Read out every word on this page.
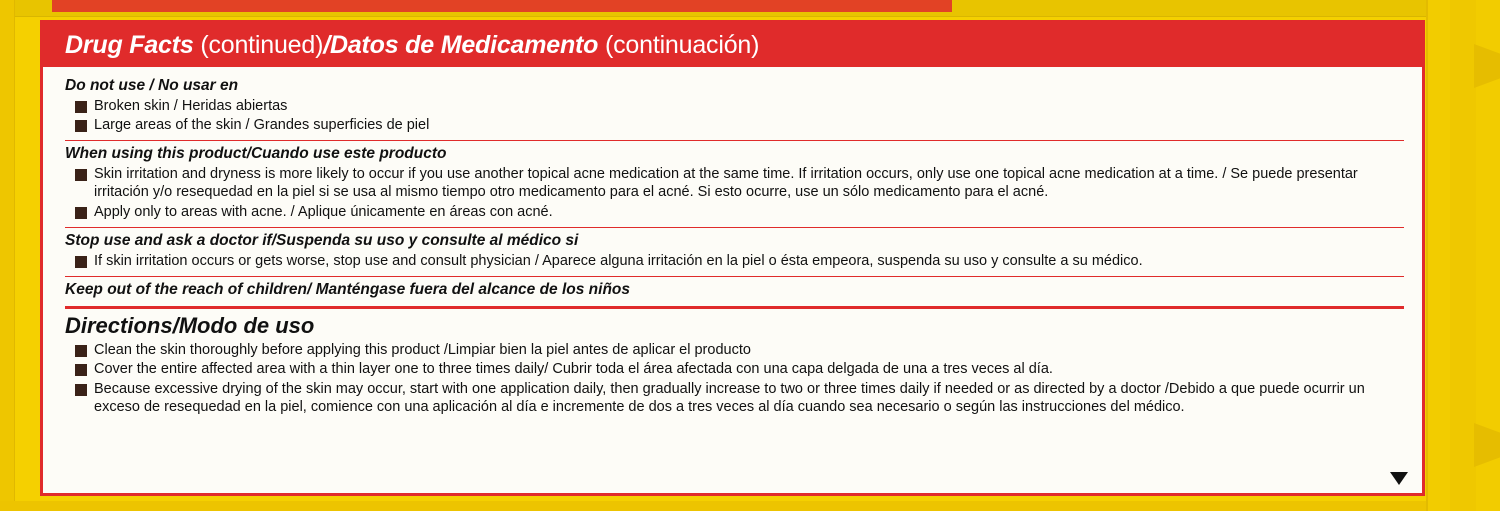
Drug Facts (continued)/Datos de Medicamento (continuación)
Do not use / No usar en
Broken skin / Heridas abiertas
Large areas of the skin / Grandes superficies de piel
When using this product/Cuando use este producto
Skin irritation and dryness is more likely to occur if you use another topical acne medication at the same time. If irritation occurs, only use one topical acne medication at a time. / Se puede presentar irritación y/o resequedad en la piel si se usa al mismo tiempo otro medicamento para el acné. Si esto ocurre, use un sólo medicamento para el acné.
Apply only to areas with acne. / Aplique únicamente en áreas con acné.
Stop use and ask a doctor if/Suspenda su uso y consulte al médico si
If skin irritation occurs or gets worse, stop use and consult physician / Aparece alguna irritación en la piel o ésta empeora, suspenda su uso y consulte a su médico.
Keep out of the reach of children/ Manténgase fuera del alcance de los niños
Directions/Modo de uso
Clean the skin thoroughly before applying this product /Limpiar bien la piel antes de aplicar el producto
Cover the entire affected area with a thin layer one to three times daily/ Cubrir toda el área afectada con una capa delgada de una a tres veces al día.
Because excessive drying of the skin may occur, start with one application daily, then gradually increase to two or three times daily if needed or as directed by a doctor /Debido a que puede ocurrir un exceso de resequedad en la piel, comience con una aplicación al día e incremente de dos a tres veces al día cuando sea necesario o según las instrucciones del médico.
